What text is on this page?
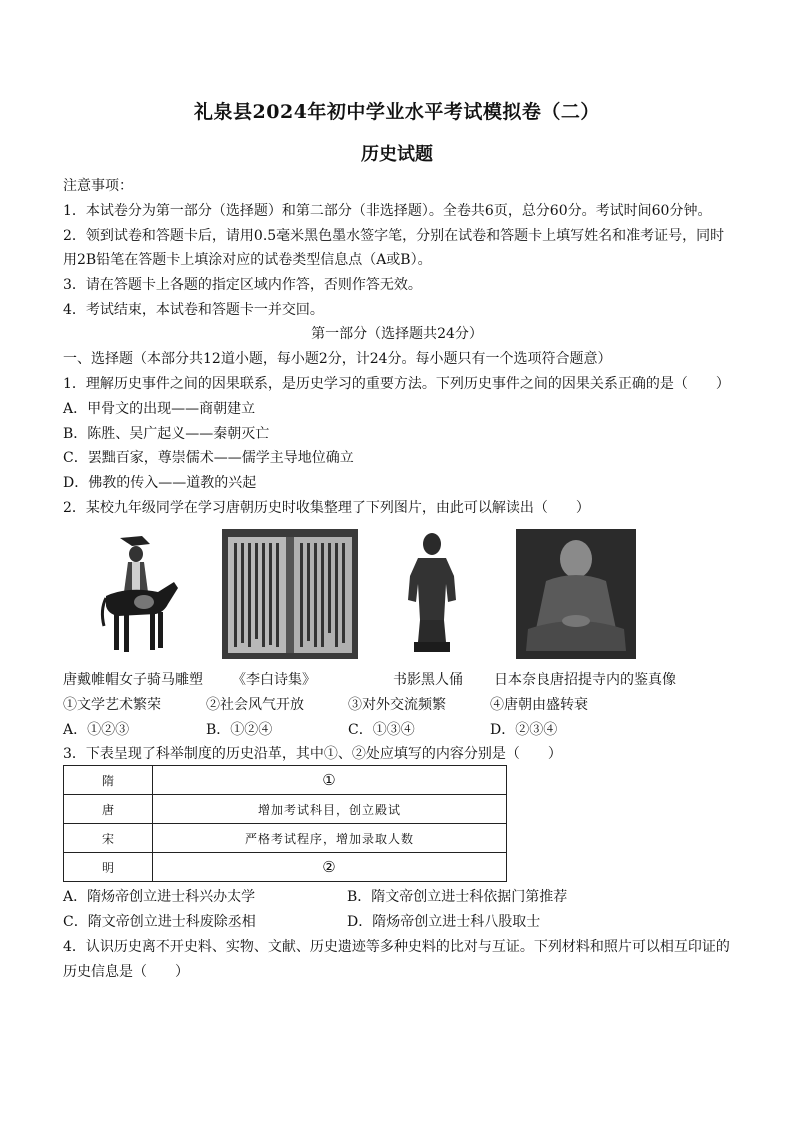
礼泉县2024年初中学业水平考试模拟卷（二）
历史试题
注意事项：
1．本试卷分为第一部分（选择题）和第二部分（非选择题）。全卷共6页，总分60分。考试时间60分钟。
2．领到试卷和答题卡后，请用0.5毫米黑色墨水签字笔，分别在试卷和答题卡上填写姓名和准考证号，同时
用2B铅笔在答题卡上填涂对应的试卷类型信息点（A或B）。
3．请在答题卡上各题的指定区域内作答，否则作答无效。
4．考试结束，本试卷和答题卡一并交回。
第一部分（选择题共24分）
一、选择题（本部分共12道小题，每小题2分，计24分。每小题只有一个选项符合题意）
1．理解历史事件之间的因果联系，是历史学习的重要方法。下列历史事件之间的因果关系正确的是（　　）
A．甲骨文的出现——商朝建立
B．陈胜、吴广起义——秦朝灭亡
C．罢黜百家，尊崇儒术——儒学主导地位确立
D．佛教的传入——道教的兴起
2．某校九年级同学在学习唐朝历史时收集整理了下列图片，由此可以解读出（　　）
唐戴帷帽女子骑马雕塑 《李白诗集》	书影黑人俑 日本奈良唐招提寺内的鉴真像
①文学艺术繁荣	②社会风气开放	③对外交流频繁	④唐朝由盛转衰
A．①②③	B．①②④	C．①③④	D．②③④
3．下表呈现了科举制度的历史沿革，其中①、②处应填写的内容分别是（　　）
隋	①
唐	增加考试科目，创立殿试
宋	严格考试程序，增加录取人数
明	②
A．隋炀帝创立进士科兴办太学	B．隋文帝创立进士科依据门第推荐
C．隋文帝创立进士科废除丞相	D．隋炀帝创立进士科八股取士
4．认识历史离不开史料、实物、文献、历史遗迹等多种史料的比对与互证。下列材料和照片可以相互印证的
历史信息是（　　）
